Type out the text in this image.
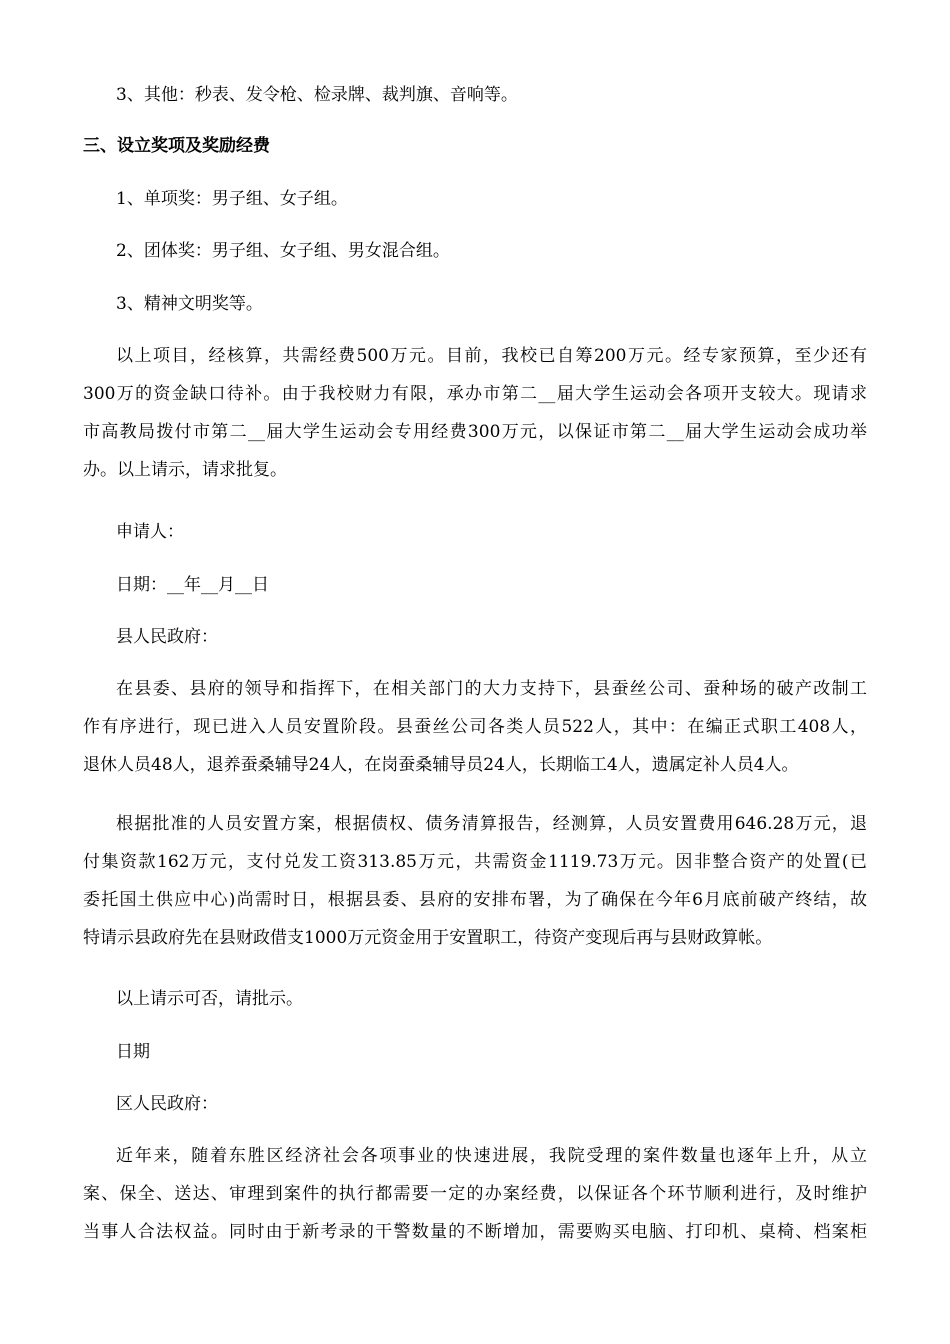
3、其他：秒表、发令枪、检录牌、裁判旗、音响等。
三、设立奖项及奖励经费
1、单项奖：男子组、女子组。
2、团体奖：男子组、女子组、男女混合组。
3、精神文明奖等。
以上项目，经核算，共需经费500万元。目前，我校已自筹200万元。经专家预算，至少还有
300万的资金缺口待补。由于我校财力有限，承办市第二__届大学生运动会各项开支较大。现请求
市高教局拨付市第二__届大学生运动会专用经费300万元，以保证市第二__届大学生运动会成功举
办。以上请示，请求批复。
申请人：
日期：__年__月__日
县人民政府：
在县委、县府的领导和指挥下，在相关部门的大力支持下，县蚕丝公司、蚕种场的破产改制工
作有序进行，现已进入人员安置阶段。县蚕丝公司各类人员522人，其中：在编正式职工408人，
退休人员48人，退养蚕桑辅导24人，在岗蚕桑辅导员24人，长期临工4人，遗属定补人员4人。
根据批准的人员安置方案，根据债权、债务清算报告，经测算，人员安置费用646.28万元，退
付集资款162万元，支付兑发工资313.85万元，共需资金1119.73万元。因非整合资产的处置(已
委托国土供应中心)尚需时日，根据县委、县府的安排布署，为了确保在今年6月底前破产终结，故
特请示县政府先在县财政借支1000万元资金用于安置职工，待资产变现后再与县财政算帐。
以上请示可否，请批示。
日期
区人民政府：
近年来，随着东胜区经济社会各项事业的快速进展，我院受理的案件数量也逐年上升，从立
案、保全、送达、审理到案件的执行都需要一定的办案经费，以保证各个环节顺利进行，及时维护
当事人合法权益。同时由于新考录的干警数量的不断增加，需要购买电脑、打印机、桌椅、档案柜
